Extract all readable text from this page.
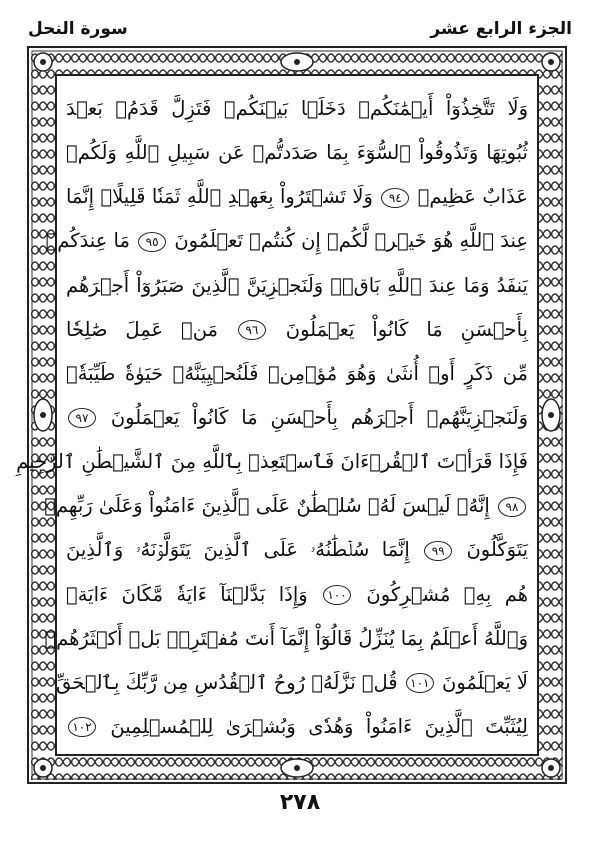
سورة النحل	الجزء الرابع عشر
وَلَا تَتَّخِذُوٓاْ أَيۡمَٰنَكُمۡ دَخَلَۢا بَيۡنَكُمۡ فَتَزِلَّ قَدَمُۢ بَعۡدَ
ثُبُوتِهَا وَتَذُوقُواْ ٱلسُّوٓءَ بِمَا صَدَدتُّمۡ عَن سَبِيلِ ٱللَّهِ وَلَكُمۡ
عَذَابٌ عَظِيمٞ ٩٤ وَلَا تَشۡتَرُواْ بِعَهۡدِ ٱللَّهِ ثَمَنٗا قَلِيلًاۚ إِنَّمَا
عِندَ ٱللَّهِ هُوَ خَيۡرٞ لَّكُمۡ إِن كُنتُمۡ تَعۡلَمُونَ ٩٥ مَا عِندَكُمۡ
يَنفَدُ وَمَا عِندَ ٱللَّهِ بَاقٖۗ وَلَنَجۡزِيَنَّ ٱلَّذِينَ صَبَرُوٓاْ أَجۡرَهُم
بِأَحۡسَنِ مَا كَانُواْ يَعۡمَلُونَ ٩٦ مَنۡ عَمِلَ صَٰلِحٗا
مِّن ذَكَرٍ أَوۡ أُنثَىٰ وَهُوَ مُؤۡمِنٞ فَلَنُحۡيِيَنَّهُۥ حَيَوٰةٗ طَيِّبَةٗۖ
وَلَنَجۡزِيَنَّهُمۡ أَجۡرَهُم بِأَحۡسَنِ مَا كَانُواْ يَعۡمَلُونَ ٩٧
فَإِذَا قَرَأۡتَ ٱلۡقُرۡءَانَ فَٱسۡتَعِذۡ بِٱللَّهِ مِنَ ٱلشَّيۡطَٰنِ ٱلرَّجِيمِ
٩٨ إِنَّهُۥ لَيۡسَ لَهُۥ سُلۡطَٰنٌ عَلَى ٱلَّذِينَ ءَامَنُواْ وَعَلَىٰ رَبِّهِمۡ
يَتَوَكَّلُونَ ٩٩ إِنَّمَا سُلۡطَٰنُهُۥ عَلَى ٱلَّذِينَ يَتَوَلَّوۡنَهُۥ وَٱلَّذِينَ
هُم بِهِۦ مُشۡرِكُونَ ١٠٠ وَإِذَا بَدَّلۡنَآ ءَايَةٗ مَّكَانَ ءَايَةٖ
وَٱللَّهُ أَعۡلَمُ بِمَا يُنَزِّلُ قَالُوٓاْ إِنَّمَآ أَنتَ مُفۡتَرِۭۚ بَلۡ أَكۡثَرُهُمۡ
لَا يَعۡلَمُونَ ١٠١ قُلۡ نَزَّلَهُۥ رُوحُ ٱلۡقُدُسِ مِن رَّبِّكَ بِٱلۡحَقِّ
لِيُثَبِّتَ ٱلَّذِينَ ءَامَنُواْ وَهُدٗى وَبُشۡرَىٰ لِلۡمُسۡلِمِينَ ١٠٢
٢٧٨
